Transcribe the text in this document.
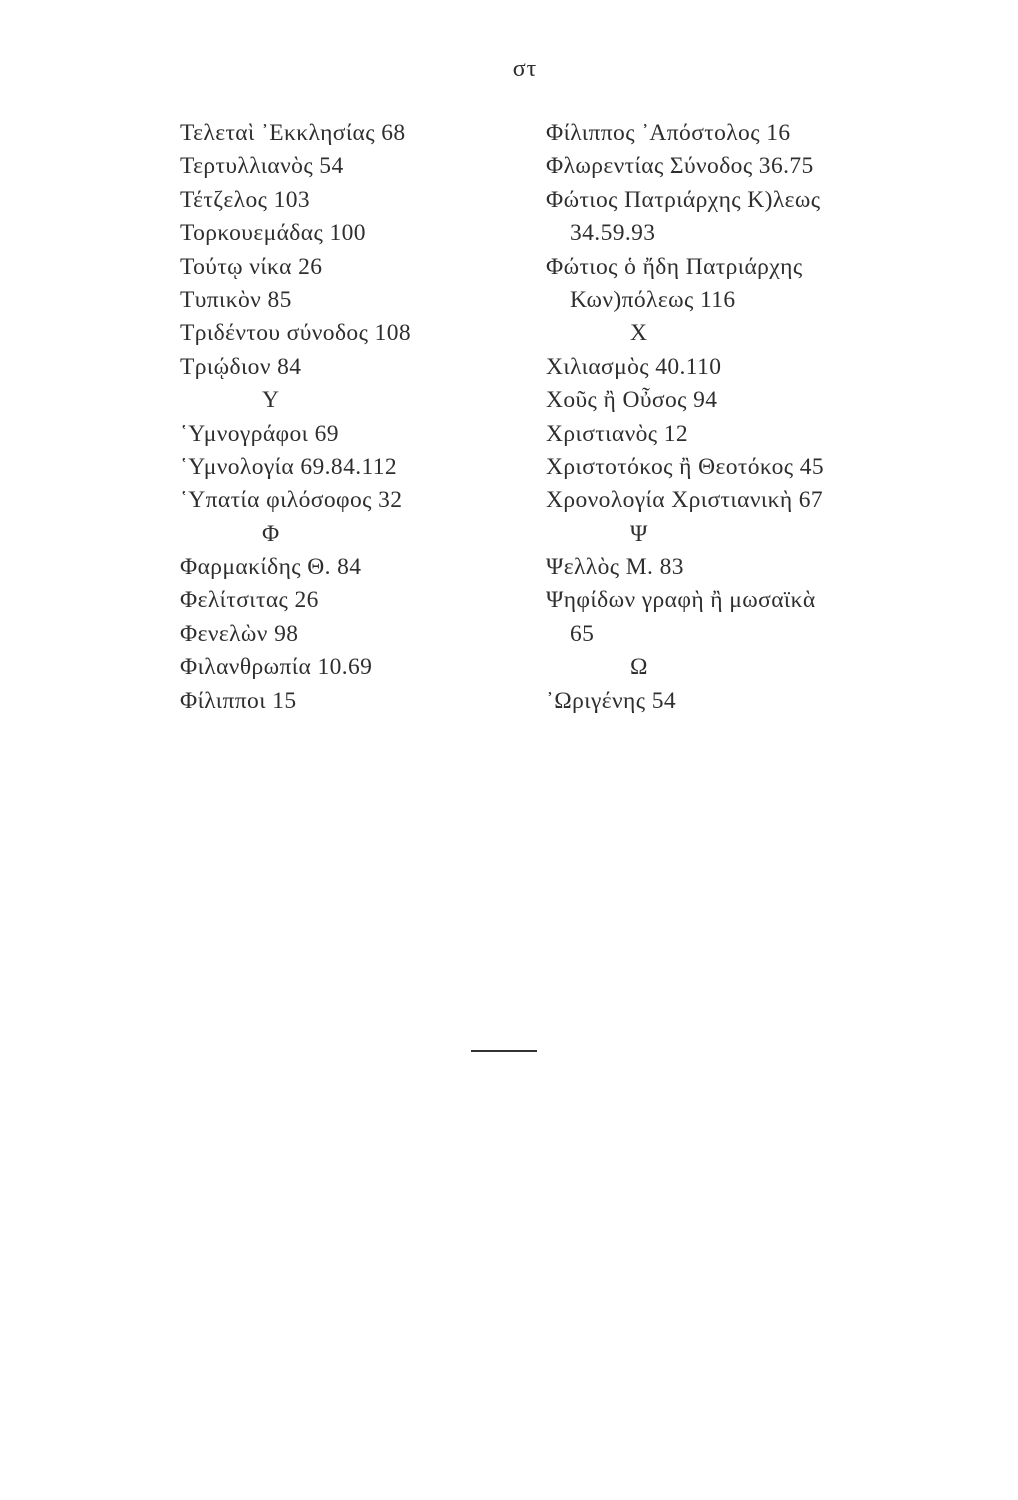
στ
Τελεταὶ ᾿Εκκλησίας 68
Τερτυλλιανὸς 54
Τέτζελος 103
Τορκουεμάδας 100
Τούτῳ νίκα 26
Τυπικὸν 85
Τριδέντου σύνοδος 108
Τριῴδιον 84
Υ
῾Υμνογράφοι 69
῾Υμνολογία 69.84.112
῾Υπατία φιλόσοφος 32
Φ
Φαρμακίδης Θ. 84
Φελίτσιτας 26
Φενελὼν 98
Φιλανθρωπία 10.69
Φίλιπποι 15
Φίλιππος ᾿Απόστολος 16
Φλωρεντίας Σύνοδος 36.75
Φώτιος Πατριάρχης Κ)λεως
34.59.93
Φώτιος ὁ ἤδη Πατριάρχης
Κων)πόλεως 116
Χ
Χιλιασμὸς 40.110
Χοῦς ἢ Οὖσος 94
Χριστιανὸς 12
Χριστοτόκος ἢ Θεοτόκος 45
Χρονολογία Χριστιανικὴ 67
Ψ
Ψελλὸς Μ. 83
Ψηφίδων γραφὴ ἢ μωσαϊκὰ
65
Ω
᾿Ωριγένης 54
